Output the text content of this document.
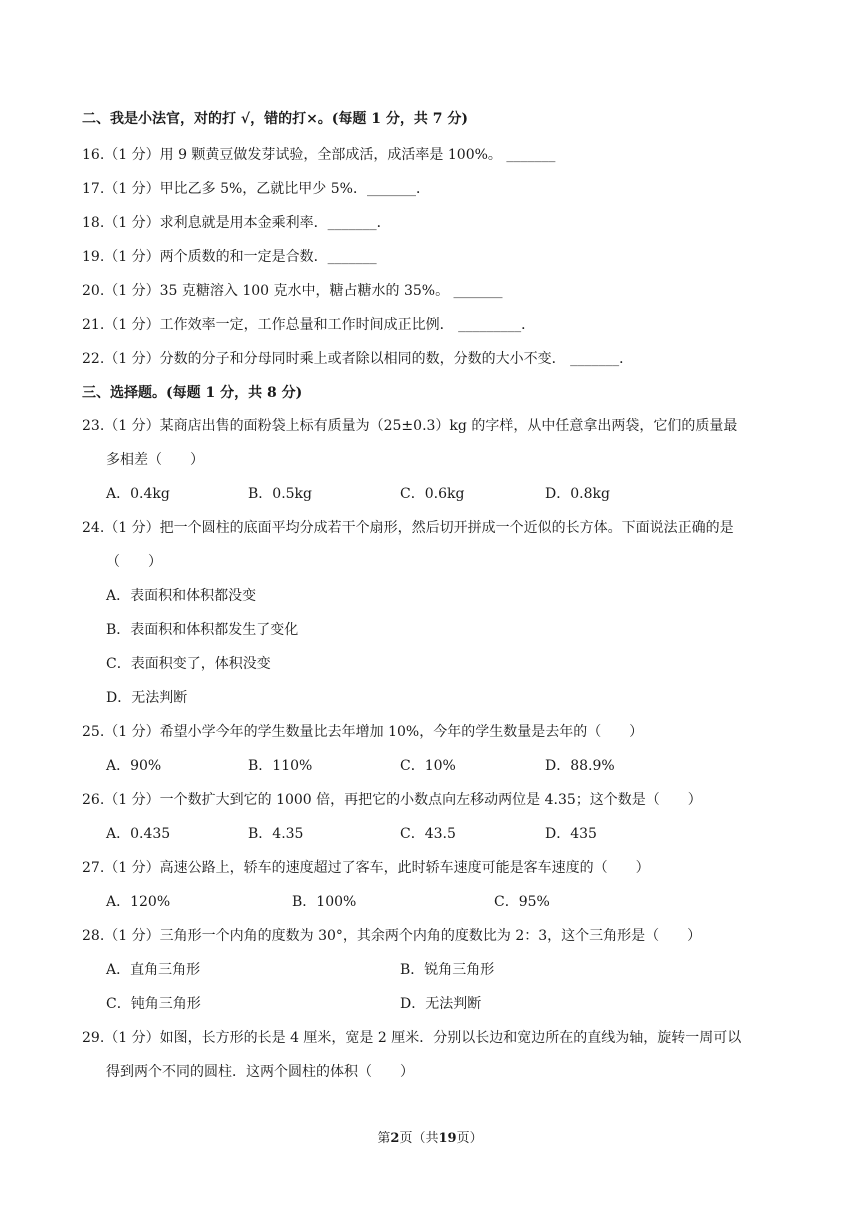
二、我是小法官，对的打 √，错的打×。(每题 1 分，共 7 分)
16.（1 分）用 9 颗黄豆做发芽试验，全部成活，成活率是 100%。 _______
17.（1 分）甲比乙多 5%，乙就比甲少 5%．_______．
18.（1 分）求利息就是用本金乘利率．_______．
19.（1 分）两个质数的和一定是合数．_______
20.（1 分）35 克糖溶入 100 克水中，糖占糖水的 35%。 _______
21.（1 分）工作效率一定，工作总量和工作时间成正比例． _________．
22.（1 分）分数的分子和分母同时乘上或者除以相同的数，分数的大小不变． _______．
三、选择题。(每题 1 分，共 8 分)
23.（1 分）某商店出售的面粉袋上标有质量为（25±0.3）kg 的字样，从中任意拿出两袋，它们的质量最
多相差（　　）
A．0.4kg	B．0.5kg	C．0.6kg	D．0.8kg
24.（1 分）把一个圆柱的底面平均分成若干个扇形，然后切开拼成一个近似的长方体。下面说法正确的是
（　　）
A．表面积和体积都没变
B．表面积和体积都发生了变化
C．表面积变了，体积没变
D．无法判断
25.（1 分）希望小学今年的学生数量比去年增加 10%，今年的学生数量是去年的（　　）
A．90%	B．110%	C．10%	D．88.9%
26.（1 分）一个数扩大到它的 1000 倍，再把它的小数点向左移动两位是 4.35；这个数是（　　）
A．0.435	B．4.35	C．43.5	D．435
27.（1 分）高速公路上，轿车的速度超过了客车，此时轿车速度可能是客车速度的（　　）
A．120%	B．100%	C．95%
28.（1 分）三角形一个内角的度数为 30°，其余两个内角的度数比为 2：3，这个三角形是（　　）
A．直角三角形	B．锐角三角形
C．钝角三角形	D．无法判断
29.（1 分）如图，长方形的长是 4 厘米，宽是 2 厘米．分别以长边和宽边所在的直线为轴，旋转一周可以
得到两个不同的圆柱．这两个圆柱的体积（　　）
第2页（共19页）
